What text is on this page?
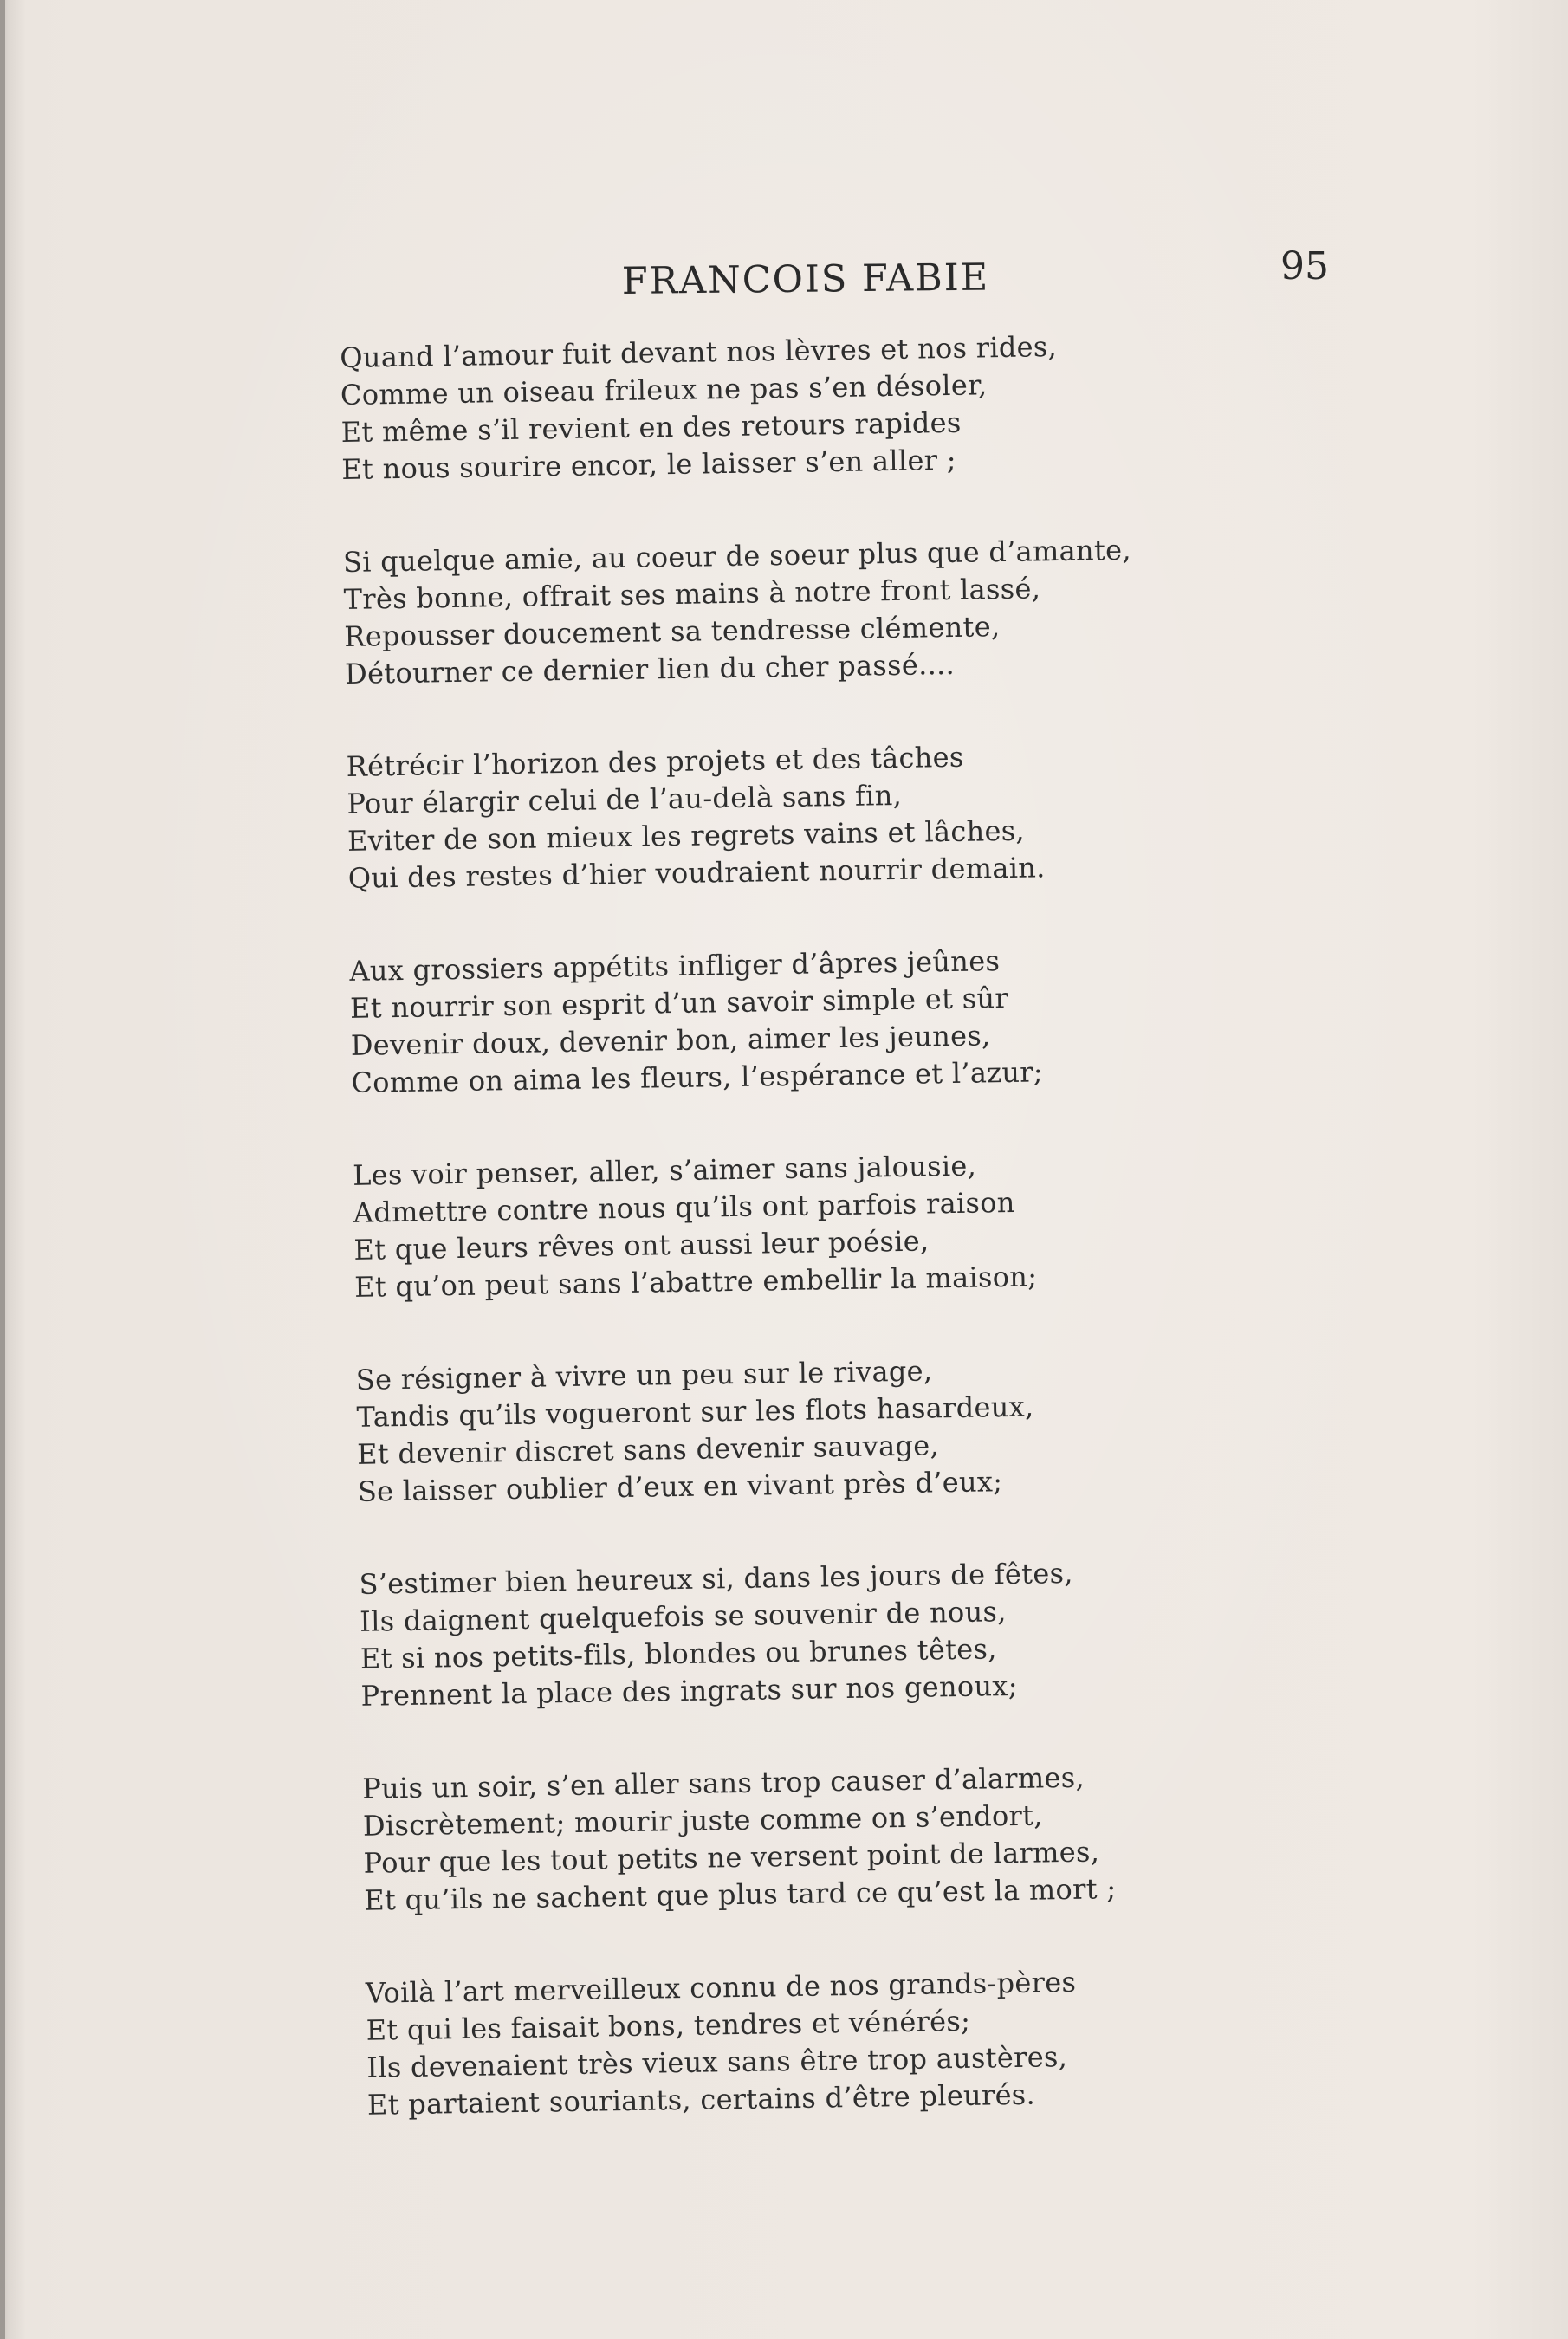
FRANCOIS FABIE	95
Quand l’amour fuit devant nos lèvres et nos rides,
Comme un oiseau frileux ne pas s’en désoler,
Et même s’il revient en des retours rapides
Et nous sourire encor, le laisser s’en aller ;
Si quelque amie, au coeur de soeur plus que d’amante,
Très bonne, offrait ses mains à notre front lassé,
Repousser doucement sa tendresse clémente,
Détourner ce dernier lien du cher passé....
Rétrécir l’horizon des projets et des tâches
Pour élargir celui de l’au-delà sans fin,
Eviter de son mieux les regrets vains et lâches,
Qui des restes d’hier voudraient nourrir demain.
Aux grossiers appétits infliger d’âpres jeûnes
Et nourrir son esprit d’un savoir simple et sûr
Devenir doux, devenir bon, aimer les jeunes,
Comme on aima les fleurs, l’espérance et l’azur;
Les voir penser, aller, s’aimer sans jalousie,
Admettre contre nous qu’ils ont parfois raison
Et que leurs rêves ont aussi leur poésie,
Et qu’on peut sans l’abattre embellir la maison;
Se résigner à vivre un peu sur le rivage,
Tandis qu’ils vogueront sur les flots hasardeux,
Et devenir discret sans devenir sauvage,
Se laisser oublier d’eux en vivant près d’eux;
S’estimer bien heureux si, dans les jours de fêtes,
Ils daignent quelquefois se souvenir de nous,
Et si nos petits-fils, blondes ou brunes têtes,
Prennent la place des ingrats sur nos genoux;
Puis un soir, s’en aller sans trop causer d’alarmes,
Discrètement; mourir juste comme on s’endort,
Pour que les tout petits ne versent point de larmes,
Et qu’ils ne sachent que plus tard ce qu’est la mort ;
Voilà l’art merveilleux connu de nos grands-pères
Et qui les faisait bons, tendres et vénérés;
Ils devenaient très vieux sans être trop austères,
Et partaient souriants, certains d’être pleurés.
